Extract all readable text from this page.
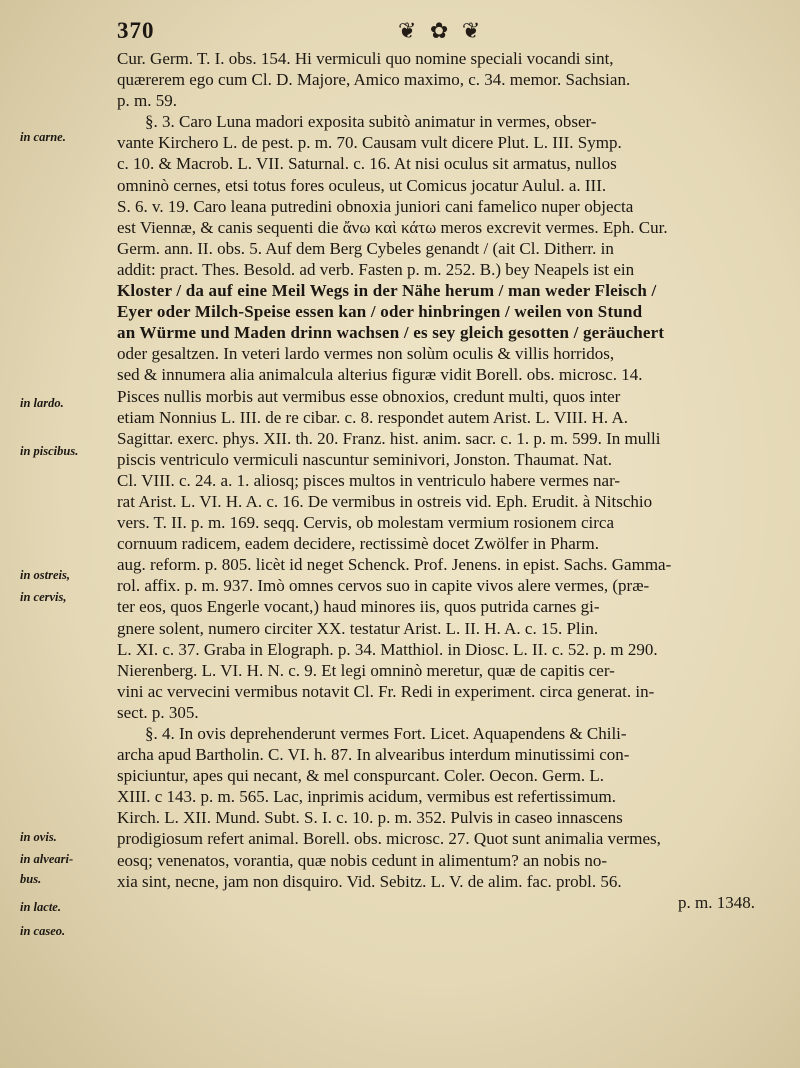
370	❦ ✿ ❦
in carne.
in lardo.
in piscibus.
in ostreis,
in cervis,
in ovis.
in alveari-
bus.
in lacte.
in caseo.
Cur. Germ. T. I. obs. 154. Hi vermiculi quo nomine speciali vocandi sint,
quærerem ego cum Cl. D. Majore, Amico maximo, c. 34. memor. Sachsian.
p. m. 59.
§. 3. Caro Luna madori exposita subitò animatur in vermes, obser-
vante Kirchero L. de pest. p. m. 70. Causam vult dicere Plut. L. III. Symp.
c. 10. & Macrob. L. VII. Saturnal. c. 16. At nisi oculus sit armatus, nullos
omninò cernes, etsi totus fores oculeus, ut Comicus jocatur Aulul. a. III.
S. 6. v. 19. Caro leana putredini obnoxia juniori cani famelico nuper objecta
est Viennæ, & canis sequenti die ἄνω καὶ κάτω meros excrevit vermes. Eph. Cur.
Germ. ann. II. obs. 5. Auf dem Berg Cybeles genandt / (ait Cl. Ditherr. in
addit: pract. Thes. Besold. ad verb. Fasten p. m. 252. B.) bey Neapels ist ein
Kloster / da auf eine Meil Wegs in der Nähe herum / man weder Fleisch /
Eyer oder Milch-Speise essen kan / oder hinbringen / weilen von Stund
an Würme und Maden drinn wachsen / es sey gleich gesotten / geräuchert
oder gesaltzen. In veteri lardo vermes non solùm oculis & villis horridos,
sed & innumera alia animalcula alterius figuræ vidit Borell. obs. microsc. 14.
Pisces nullis morbis aut vermibus esse obnoxios, credunt multi, quos inter
etiam Nonnius L. III. de re cibar. c. 8. respondet autem Arist. L. VIII. H. A.
Sagittar. exerc. phys. XII. th. 20. Franz. hist. anim. sacr. c. 1. p. m. 599. In mulli
piscis ventriculo vermiculi nascuntur seminivori, Jonston. Thaumat. Nat.
Cl. VIII. c. 24. a. 1. aliosq; pisces multos in ventriculo habere vermes nar-
rat Arist. L. VI. H. A. c. 16. De vermibus in ostreis vid. Eph. Erudit. à Nitschio
vers. T. II. p. m. 169. seqq. Cervis, ob molestam vermium rosionem circa
cornuum radicem, eadem decidere, rectissimè docet Zwölfer in Pharm.
aug. reform. p. 805. licèt id neget Schenck. Prof. Jenens. in epist. Sachs. Gamma-
rol. affix. p. m. 937. Imò omnes cervos suo in capite vivos alere vermes, (præ-
ter eos, quos Engerle vocant,) haud minores iis, quos putrida carnes gi-
gnere solent, numero circiter XX. testatur Arist. L. II. H. A. c. 15. Plin.
L. XI. c. 37. Graba in Elograph. p. 34. Matthiol. in Diosc. L. II. c. 52. p. m 290.
Nierenberg. L. VI. H. N. c. 9. Et legi omninò meretur, quæ de capitis cer-
vini ac vervecini vermibus notavit Cl. Fr. Redi in experiment. circa generat. in-
sect. p. 305.
§. 4. In ovis deprehenderunt vermes Fort. Licet. Aquapendens & Chili-
archa apud Bartholin. C. VI. h. 87. In alvearibus interdum minutissimi con-
spiciuntur, apes qui necant, & mel conspurcant. Coler. Oecon. Germ. L.
XIII. c 143. p. m. 565. Lac, inprimis acidum, vermibus est refertissimum.
Kirch. L. XII. Mund. Subt. S. I. c. 10. p. m. 352. Pulvis in caseo innascens
prodigiosum refert animal. Borell. obs. microsc. 27. Quot sunt animalia vermes,
eosq; venenatos, vorantia, quæ nobis cedunt in alimentum? an nobis no-
xia sint, necne, jam non disquiro. Vid. Sebitz. L. V. de alim. fac. probl. 56.
p. m. 1348.
